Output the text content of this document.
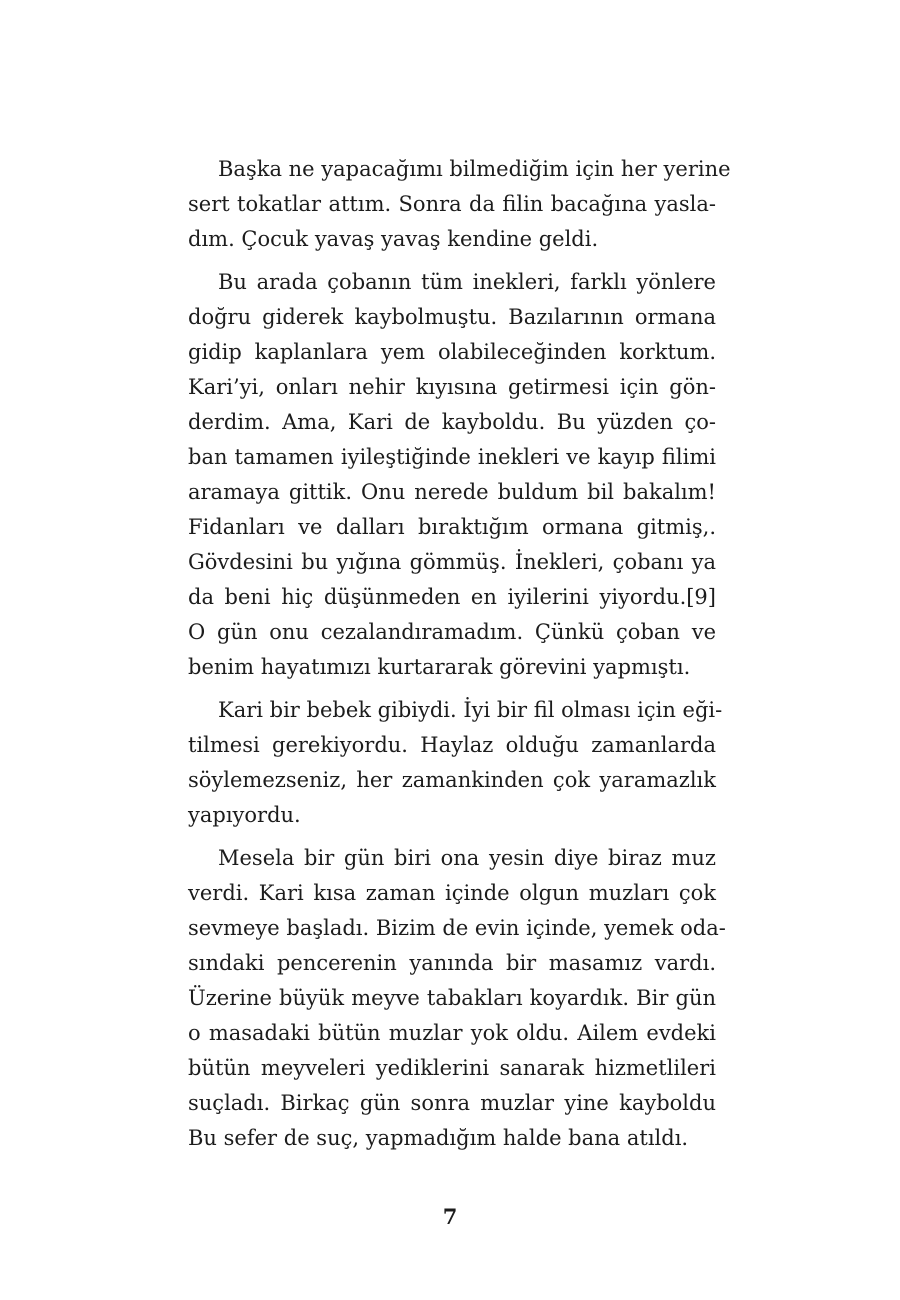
Başka ne yapacağımı bilmediğim için her yerine
sert tokatlar attım. Sonra da filin bacağına yasla-
dım. Çocuk yavaş yavaş kendine geldi.

Bu arada çobanın tüm inekleri, farklı yönlere
doğru giderek kaybolmuştu. Bazılarının ormana
gidip kaplanlara yem olabileceğinden korktum.
Kari’yi, onları nehir kıyısına getirmesi için gön-
derdim. Ama, Kari de kayboldu. Bu yüzden ço-
ban tamamen iyileştiğinde inekleri ve kayıp filimi
aramaya gittik. Onu nerede buldum bil bakalım!
Fidanları ve dalları bıraktığım ormana gitmiş,.
Gövdesini bu yığına gömmüş. İnekleri, çobanı ya
da beni hiç düşünmeden en iyilerini yiyordu.[9]
O gün onu cezalandıramadım. Çünkü çoban ve
benim hayatımızı kurtararak görevini yapmıştı.

Kari bir bebek gibiydi. İyi bir fil olması için eği-
tilmesi gerekiyordu. Haylaz olduğu zamanlarda
söylemezseniz, her zamankinden çok yaramazlık
yapıyordu.

Mesela bir gün biri ona yesin diye biraz muz
verdi. Kari kısa zaman içinde olgun muzları çok
sevmeye başladı. Bizim de evin içinde, yemek oda-
sındaki pencerenin yanında bir masamız vardı.
Üzerine büyük meyve tabakları koyardık. Bir gün
o masadaki bütün muzlar yok oldu. Ailem evdeki
bütün meyveleri yediklerini sanarak hizmetlileri
suçladı. Birkaç gün sonra muzlar yine kayboldu
Bu sefer de suç, yapmadığım halde bana atıldı.

7
